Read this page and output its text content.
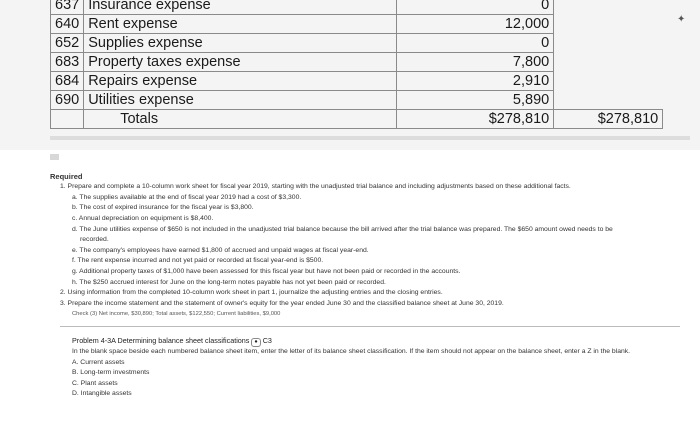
637	Insurance expense	0	
640	Rent expense	12,000	
652	Supplies expense	0	
683	Property taxes expense	7,800	
684	Repairs expense	2,910	
690	Utilities expense	5,890	
	Totals	$278,810	$278,810
✦
Required
1. Prepare and complete a 10-column work sheet for fiscal year 2019, starting with the unadjusted trial balance and including adjustments based on these additional facts.
a. The supplies available at the end of fiscal year 2019 had a cost of $3,300.
b. The cost of expired insurance for the fiscal year is $3,800.
c. Annual depreciation on equipment is $8,400.
d. The June utilities expense of $650 is not included in the unadjusted trial balance because the bill arrived after the trial balance was prepared. The $650 amount owed needs to be
recorded.
e. The company's employees have earned $1,800 of accrued and unpaid wages at fiscal year-end.
f. The rent expense incurred and not yet paid or recorded at fiscal year-end is $500.
g. Additional property taxes of $1,000 have been assessed for this fiscal year but have not been paid or recorded in the accounts.
h. The $250 accrued interest for June on the long-term notes payable has not yet been paid or recorded.
2. Using information from the completed 10-column work sheet in part 1, journalize the adjusting entries and the closing entries.
3. Prepare the income statement and the statement of owner's equity for the year ended June 30 and the classified balance sheet at June 30, 2019.
Check (3) Net income, $30,890; Total assets, $122,550; Current liabilities, $9,000
Problem 4-3A Determining balance sheet classifications ● C3
In the blank space beside each numbered balance sheet item, enter the letter of its balance sheet classification. If the item should not appear on the balance sheet, enter a Z in the blank.
A. Current assets
B. Long-term investments
C. Plant assets
D. Intangible assets
